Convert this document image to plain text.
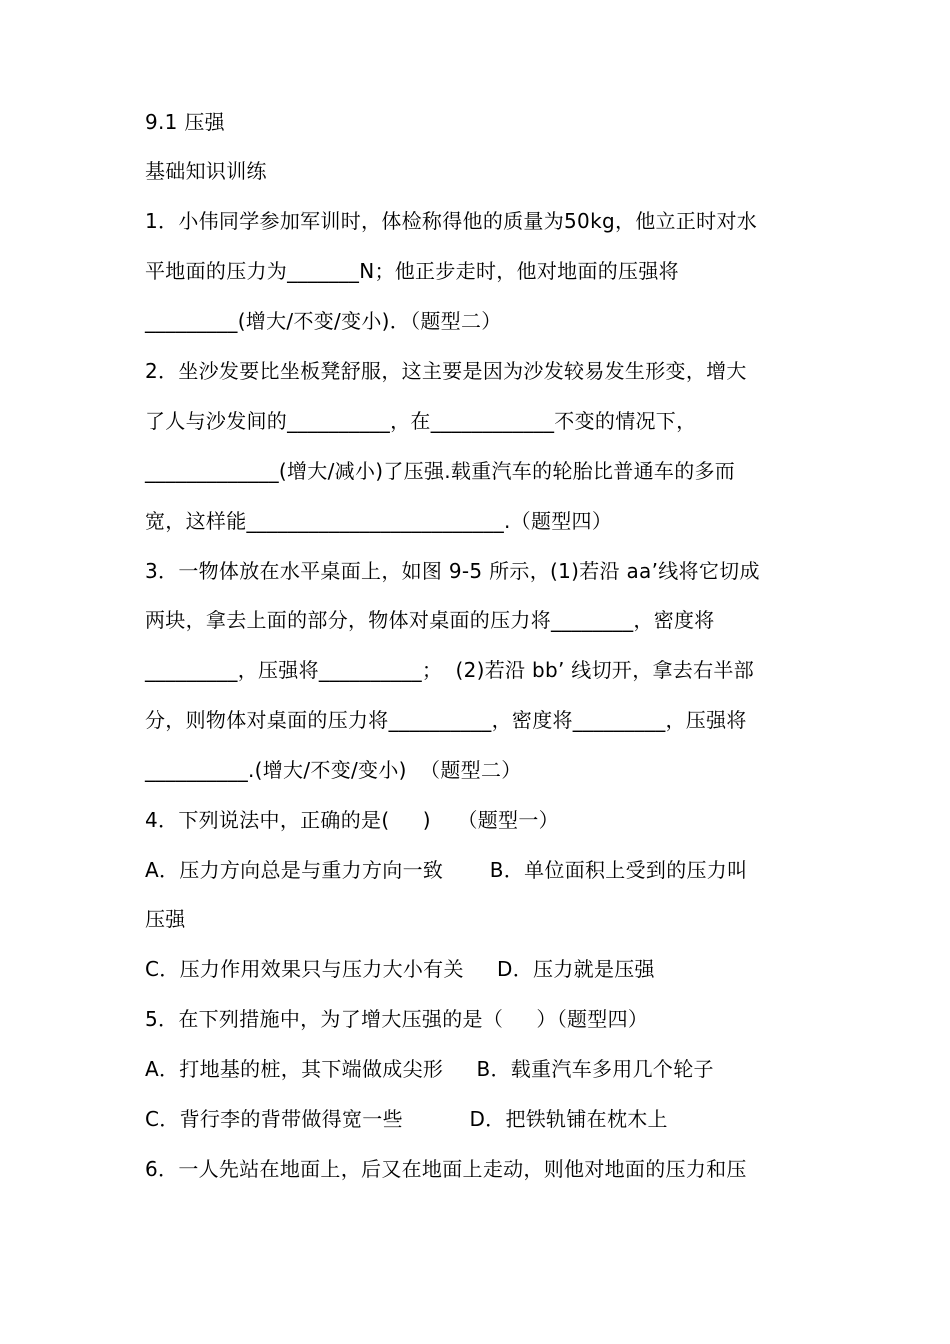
9.1 压强
基础知识训练
1．小伟同学参加军训时，体检称得他的质量为50kg，他立正时对水
平地面的压力为_______N；他正步走时，他对地面的压强将
_________(增大/不变/变小)．（题型二）
2．坐沙发要比坐板凳舒服，这主要是因为沙发较易发生形变，增大
了人与沙发间的__________，在____________不变的情况下，
_____________(增大/减小)了压强.载重汽车的轮胎比普通车的多而
宽，这样能_________________________.（题型四）
3．一物体放在水平桌面上，如图 9-5 所示，(1)若沿 aa’线将它切成
两块，拿去上面的部分，物体对桌面的压力将________，密度将
_________，压强将__________；  (2)若沿 bb’ 线切开，拿去右半部
分，则物体对桌面的压力将__________，密度将_________，压强将
__________.(增大/不变/变小)  （题型二）
4．下列说法中，正确的是(     )    （题型一）
A．压力方向总是与重力方向一致       B．单位面积上受到的压力叫
压强
C．压力作用效果只与压力大小有关     D．压力就是压强
5．在下列措施中，为了增大压强的是（     ）（题型四）
A．打地基的桩，其下端做成尖形     B．载重汽车多用几个轮子
C．背行李的背带做得宽一些          D．把铁轨铺在枕木上
6．一人先站在地面上，后又在地面上走动，则他对地面的压力和压
